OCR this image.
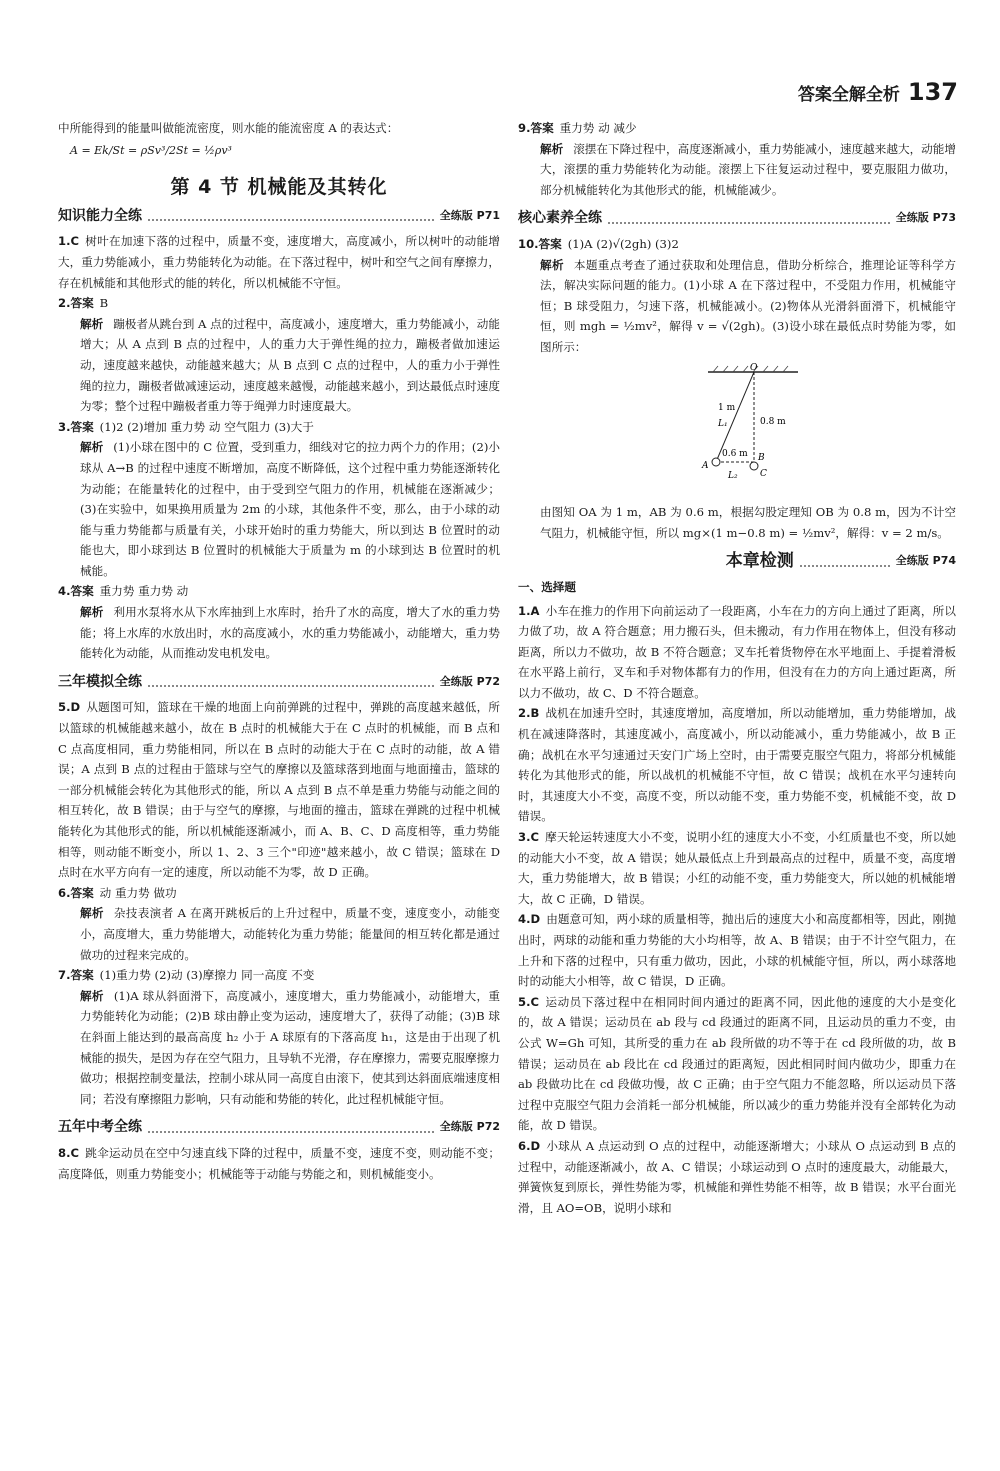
答案全解全析 137

中所能得到的能量叫做能流密度，则水能的能流密度 A 的表达式：

A = Ek/St = ρSv³/2St = ½ρv³
第 4 节 机械能及其转化
知识能力全练	全练版 P71

1.C 树叶在加速下落的过程中，质量不变，速度增大，高度减小，所以树叶的动能增大，重力势能减小，重力势能转化为动能。在下落过程中，树叶和空气之间有摩擦力，存在机械能和其他形式的能的转化，所以机械能不守恒。

2.答案 B

解析 蹦极者从跳台到 A 点的过程中，高度减小，速度增大，重力势能减小，动能增大；从 A 点到 B 点的过程中，人的重力大于弹性绳的拉力，蹦极者做加速运动，速度越来越快，动能越来越大；从 B 点到 C 点的过程中，人的重力小于弹性绳的拉力，蹦极者做减速运动，速度越来越慢，动能越来越小，到达最低点时速度为零；整个过程中蹦极者重力等于绳弹力时速度最大。

3.答案 (1)2 (2)增加 重力势 动 空气阻力 (3)大于

解析 (1)小球在图中的 C 位置，受到重力，细线对它的拉力两个力的作用；(2)小球从 A→B 的过程中速度不断增加，高度不断降低，这个过程中重力势能逐渐转化为动能；在能量转化的过程中，由于受到空气阻力的作用，机械能在逐渐减少；(3)在实验中，如果换用质量为 2m 的小球，其他条件不变，那么，由于小球的动能与重力势能都与质量有关，小球开始时的重力势能大，所以到达 B 位置时的动能也大，即小球到达 B 位置时的机械能大于质量为 m 的小球到达 B 位置时的机械能。

4.答案 重力势 重力势 动

解析 利用水泵将水从下水库抽到上水库时，抬升了水的高度，增大了水的重力势能；将上水库的水放出时，水的高度减小，水的重力势能减小，动能增大，重力势能转化为动能，从而推动发电机发电。

三年模拟全练	全练版 P72

5.D 从题图可知，篮球在干燥的地面上向前弹跳的过程中，弹跳的高度越来越低，所以篮球的机械能越来越小，故在 B 点时的机械能大于在 C 点时的机械能，而 B 点和 C 点高度相同，重力势能相同，所以在 B 点时的动能大于在 C 点时的动能，故 A 错误；A 点到 B 点的过程由于篮球与空气的摩擦以及篮球落到地面与地面撞击，篮球的一部分机械能会转化为其他形式的能，所以 A 点到 B 点不单是重力势能与动能之间的相互转化，故 B 错误；由于与空气的摩擦，与地面的撞击，篮球在弹跳的过程中机械能转化为其他形式的能，所以机械能逐渐减小，而 A、B、C、D 高度相等，重力势能相等，则动能不断变小，所以 1、2、3 三个"印迹"越来越小，故 C 错误；篮球在 D 点时在水平方向有一定的速度，所以动能不为零，故 D 正确。

6.答案 动 重力势 做功

解析 杂技表演者 A 在离开跳板后的上升过程中，质量不变，速度变小，动能变小，高度增大，重力势能增大，动能转化为重力势能；能量间的相互转化都是通过做功的过程来完成的。

7.答案 (1)重力势 (2)动 (3)摩擦力 同一高度 不变

解析 (1)A 球从斜面滑下，高度减小，速度增大，重力势能减小，动能增大，重力势能转化为动能；(2)B 球由静止变为运动，速度增大了，获得了动能；(3)B 球在斜面上能达到的最高高度 h₂ 小于 A 球原有的下落高度 h₁，这是由于出现了机械能的损失，是因为存在空气阻力，且导轨不光滑，存在摩擦力，需要克服摩擦力做功；根据控制变量法，控制小球从同一高度自由滚下，使其到达斜面底端速度相同；若没有摩擦阻力影响，只有动能和势能的转化，此过程机械能守恒。

五年中考全练	全练版 P72

8.C 跳伞运动员在空中匀速直线下降的过程中，质量不变，速度不变，则动能不变；高度降低，则重力势能变小；机械能等于动能与势能之和，则机械能变小。

9.答案 重力势 动 减少

解析 滚摆在下降过程中，高度逐渐减小，重力势能减小，速度越来越大，动能增大，滚摆的重力势能转化为动能。滚摆上下往复运动过程中，要克服阻力做功，部分机械能转化为其他形式的能，机械能减少。

核心素养全练	全练版 P73

10.答案 (1)A (2)√(2gh) (3)2

解析 本题重点考查了通过获取和处理信息，借助分析综合，推理论证等科学方法，解决实际问题的能力。(1)小球 A 在下落过程中，不受阻力作用，机械能守恒；B 球受阻力，匀速下落，机械能减小。(2)物体从光滑斜面滑下，机械能守恒，则 mgh = ½mv²，解得 v = √(2gh)。(3)设小球在最低点时势能为零，如图所示：

O
1 m
L₁	0.8 m
0.6 m
L₂
A
B
C

由图知 OA 为 1 m，AB 为 0.6 m，根据勾股定理知 OB 为 0.8 m，因为不计空气阻力，机械能守恒，所以 mg×(1 m−0.8 m) = ½mv²，解得：v = 2 m/s。

本章检测	全练版 P74
一、选择题

1.A 小车在推力的作用下向前运动了一段距离，小车在力的方向上通过了距离，所以力做了功，故 A 符合题意；用力搬石头，但未搬动，有力作用在物体上，但没有移动距离，所以力不做功，故 B 不符合题意；叉车托着货物停在水平地面上、手提着滑板在水平路上前行，叉车和手对物体都有力的作用，但没有在力的方向上通过距离，所以力不做功，故 C、D 不符合题意。

2.B 战机在加速升空时，其速度增加，高度增加，所以动能增加，重力势能增加，战机在减速降落时，其速度减小，高度减小，所以动能减小，重力势能减小，故 B 正确；战机在水平匀速通过天安门广场上空时，由于需要克服空气阻力，将部分机械能转化为其他形式的能，所以战机的机械能不守恒，故 C 错误；战机在水平匀速转向时，其速度大小不变，高度不变，所以动能不变，重力势能不变，机械能不变，故 D 错误。

3.C 摩天轮运转速度大小不变，说明小红的速度大小不变，小红质量也不变，所以她的动能大小不变，故 A 错误；她从最低点上升到最高点的过程中，质量不变，高度增大，重力势能增大，故 B 错误；小红的动能不变，重力势能变大，所以她的机械能增大，故 C 正确，D 错误。

4.D 由题意可知，两小球的质量相等，抛出后的速度大小和高度都相等，因此，刚抛出时，两球的动能和重力势能的大小均相等，故 A、B 错误；由于不计空气阻力，在上升和下落的过程中，只有重力做功，因此，小球的机械能守恒，所以，两小球落地时的动能大小相等，故 C 错误，D 正确。

5.C 运动员下落过程中在相同时间内通过的距离不同，因此他的速度的大小是变化的，故 A 错误；运动员在 ab 段与 cd 段通过的距离不同，且运动员的重力不变，由公式 W=Gh 可知，其所受的重力在 ab 段所做的功不等于在 cd 段所做的功，故 B 错误；运动员在 ab 段比在 cd 段通过的距离短，因此相同时间内做功少，即重力在 ab 段做功比在 cd 段做功慢，故 C 正确；由于空气阻力不能忽略，所以运动员下落过程中克服空气阻力会消耗一部分机械能，所以减少的重力势能并没有全部转化为动能，故 D 错误。

6.D 小球从 A 点运动到 O 点的过程中，动能逐渐增大；小球从 O 点运动到 B 点的过程中，动能逐渐减小，故 A、C 错误；小球运动到 O 点时的速度最大，动能最大，弹簧恢复到原长，弹性势能为零，机械能和弹性势能不相等，故 B 错误；水平台面光滑，且 AO=OB，说明小球和
